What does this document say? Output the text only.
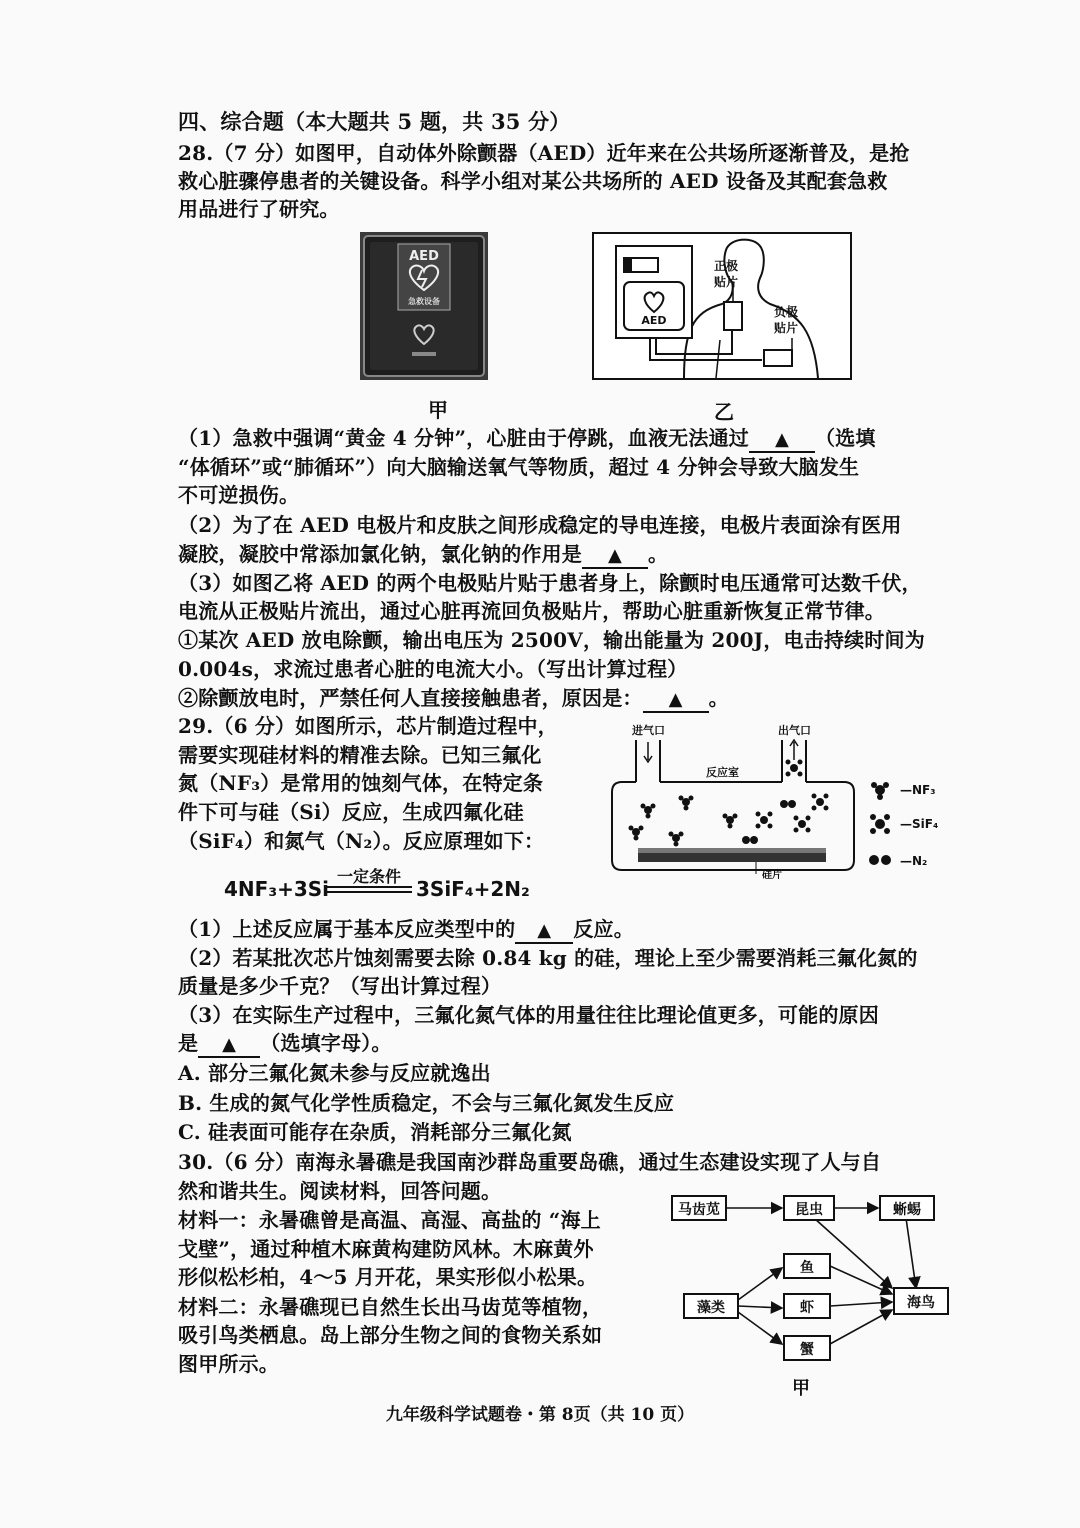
四、综合题（本大题共 5 题，共 35 分）
28.（7 分）如图甲，自动体外除颤器（AED）近年来在公共场所逐渐普及，是抢
救心脏骤停患者的关键设备。科学小组对某公共场所的 AED 设备及其配套急救
用品进行了研究。
AED
急救设备
甲
AED
正极
贴片
负极
贴片
乙
（1）急救中强调“黄金 4 分钟”，心脏由于停跳，血液无法通过 ▲ （选填
“体循环”或“肺循环”）向大脑输送氧气等物质，超过 4 分钟会导致大脑发生
不可逆损伤。
（2）为了在 AED 电极片和皮肤之间形成稳定的导电连接，电极片表面涂有医用
凝胶，凝胶中常添加氯化钠，氯化钠的作用是 ▲ 。
（3）如图乙将 AED 的两个电极贴片贴于患者身上，除颤时电压通常可达数千伏，
电流从正极贴片流出，通过心脏再流回负极贴片，帮助心脏重新恢复正常节律。
①某次 AED 放电除颤，输出电压为 2500V，输出能量为 200J，电击持续时间为
0.004s，求流过患者心脏的电流大小。（写出计算过程）
②除颤放电时，严禁任何人直接接触患者，原因是： ▲ 。
29.（6 分）如图所示，芯片制造过程中，
需要实现硅材料的精准去除。已知三氟化
氮（NF₃）是常用的蚀刻气体，在特定条
件下可与硅（Si）反应，生成四氟化硅
（SiF₄）和氮气（N₂）。反应原理如下：
4NF₃+3Si
一定条件
3SiF₄+2N₂
进气口	出气口
反应室
硅片
—NF₃
—SiF₄
—N₂
（1）上述反应属于基本反应类型中的 ▲ 反应。
（2）若某批次芯片蚀刻需要去除 0.84 kg 的硅，理论上至少需要消耗三氟化氮的
质量是多少千克？（写出计算过程）
（3）在实际生产过程中，三氟化氮气体的用量往往比理论值更多，可能的原因
是 ▲ （选填字母）。
A. 部分三氟化氮未参与反应就逸出
B. 生成的氮气化学性质稳定，不会与三氟化氮发生反应
C. 硅表面可能存在杂质，消耗部分三氟化氮
30.（6 分）南海永暑礁是我国南沙群岛重要岛礁，通过生态建设实现了人与自
然和谐共生。阅读材料，回答问题。
材料一：永暑礁曾是高温、高湿、高盐的 “海上
戈壁”，通过种植木麻黄构建防风林。木麻黄外
形似松杉柏，4～5 月开花，果实形似小松果。
材料二：永暑礁现已自然生长出马齿苋等植物，
吸引鸟类栖息。岛上部分生物之间的食物关系如
图甲所示。
马齿苋	昆虫	蜥蜴
鱼
藻类	虾	海鸟
蟹
甲
九年级科学试题卷・第 8页（共 10 页）
